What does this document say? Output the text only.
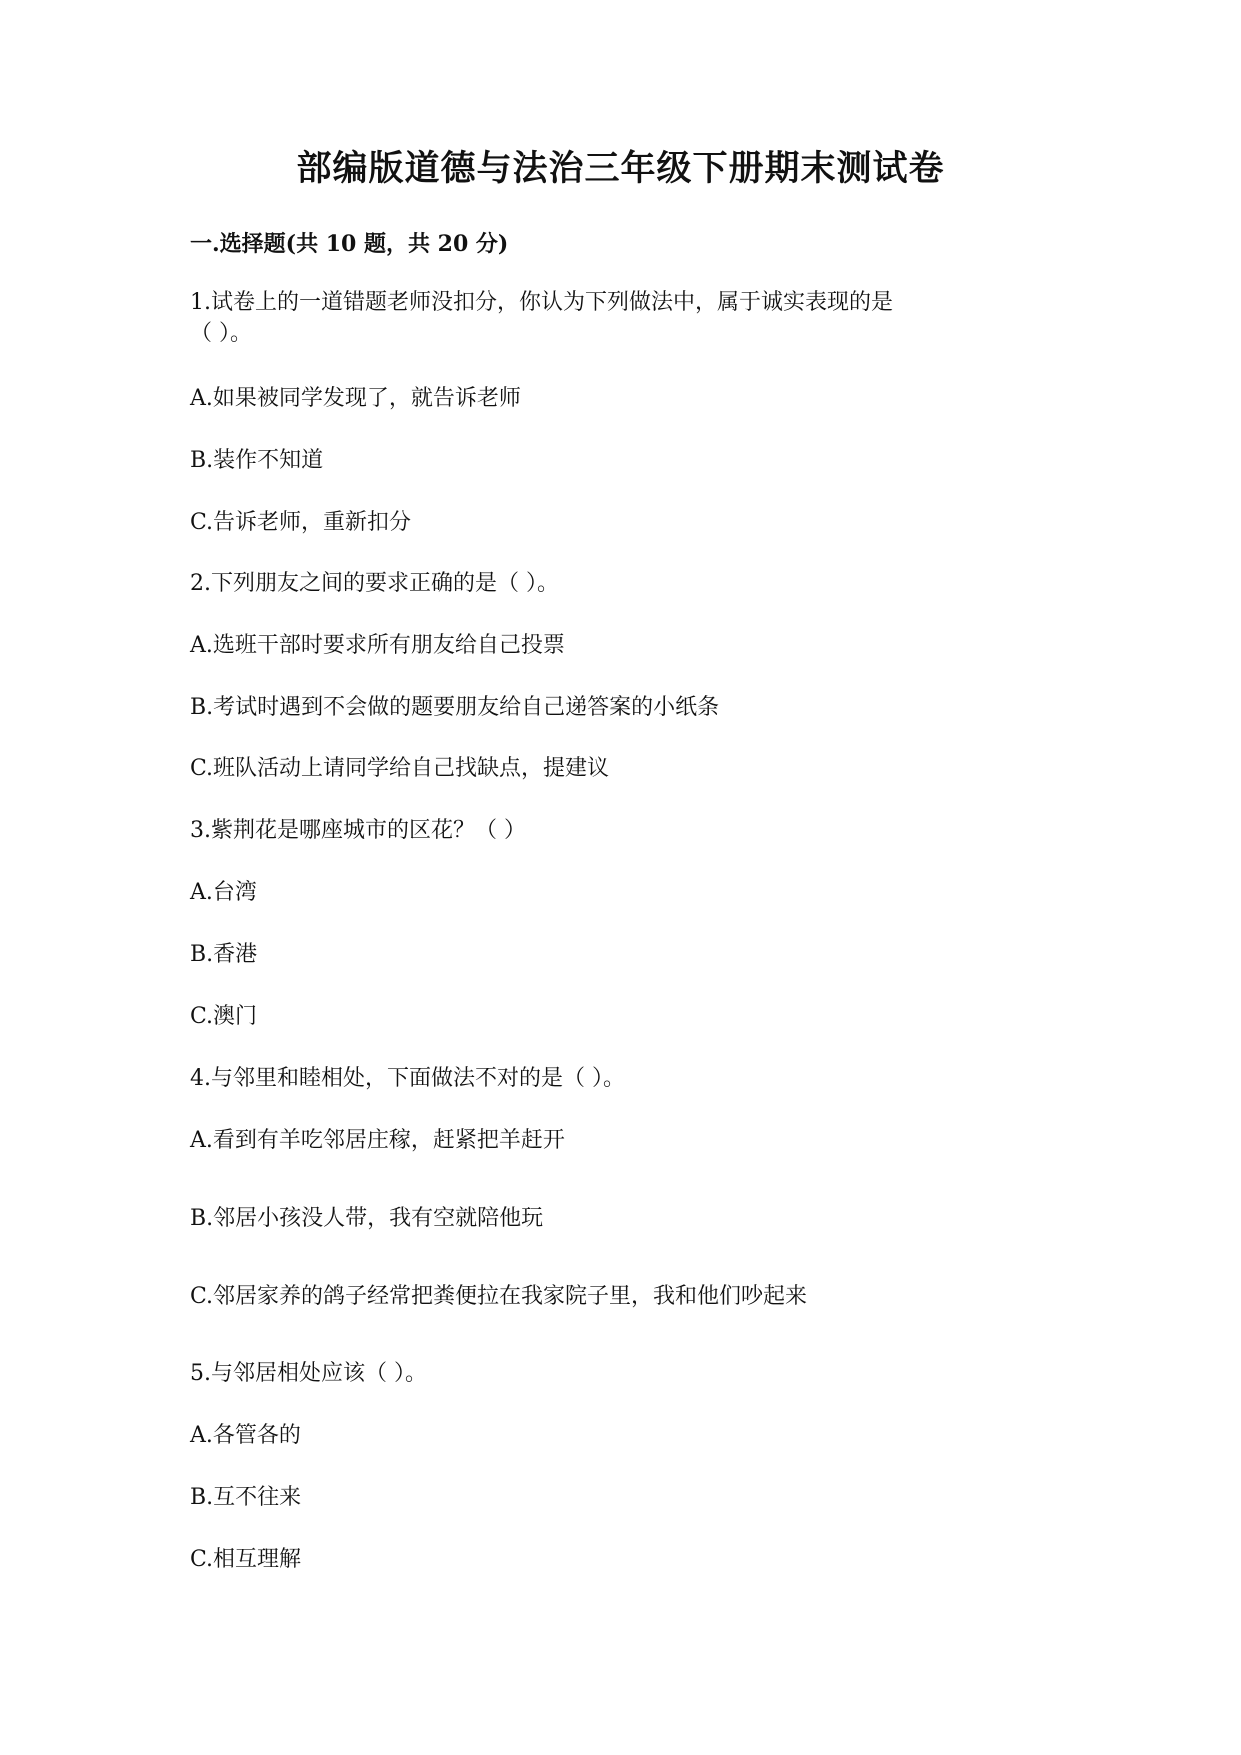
部编版道德与法治三年级下册期末测试卷
一.选择题(共 10 题，共 20 分)

1.试卷上的一道错题老师没扣分，你认为下列做法中，属于诚实表现的是

（ ）。

A.如果被同学发现了，就告诉老师

B.装作不知道

C.告诉老师，重新扣分

2.下列朋友之间的要求正确的是（ ）。

A.选班干部时要求所有朋友给自己投票

B.考试时遇到不会做的题要朋友给自己递答案的小纸条

C.班队活动上请同学给自己找缺点，提建议

3.紫荆花是哪座城市的区花？（ ）

A.台湾

B.香港

C.澳门

4.与邻里和睦相处，下面做法不对的是（ ）。

A.看到有羊吃邻居庄稼，赶紧把羊赶开

B.邻居小孩没人带，我有空就陪他玩

C.邻居家养的鸽子经常把粪便拉在我家院子里，我和他们吵起来

5.与邻居相处应该（ ）。

A.各管各的

B.互不往来

C.相互理解
